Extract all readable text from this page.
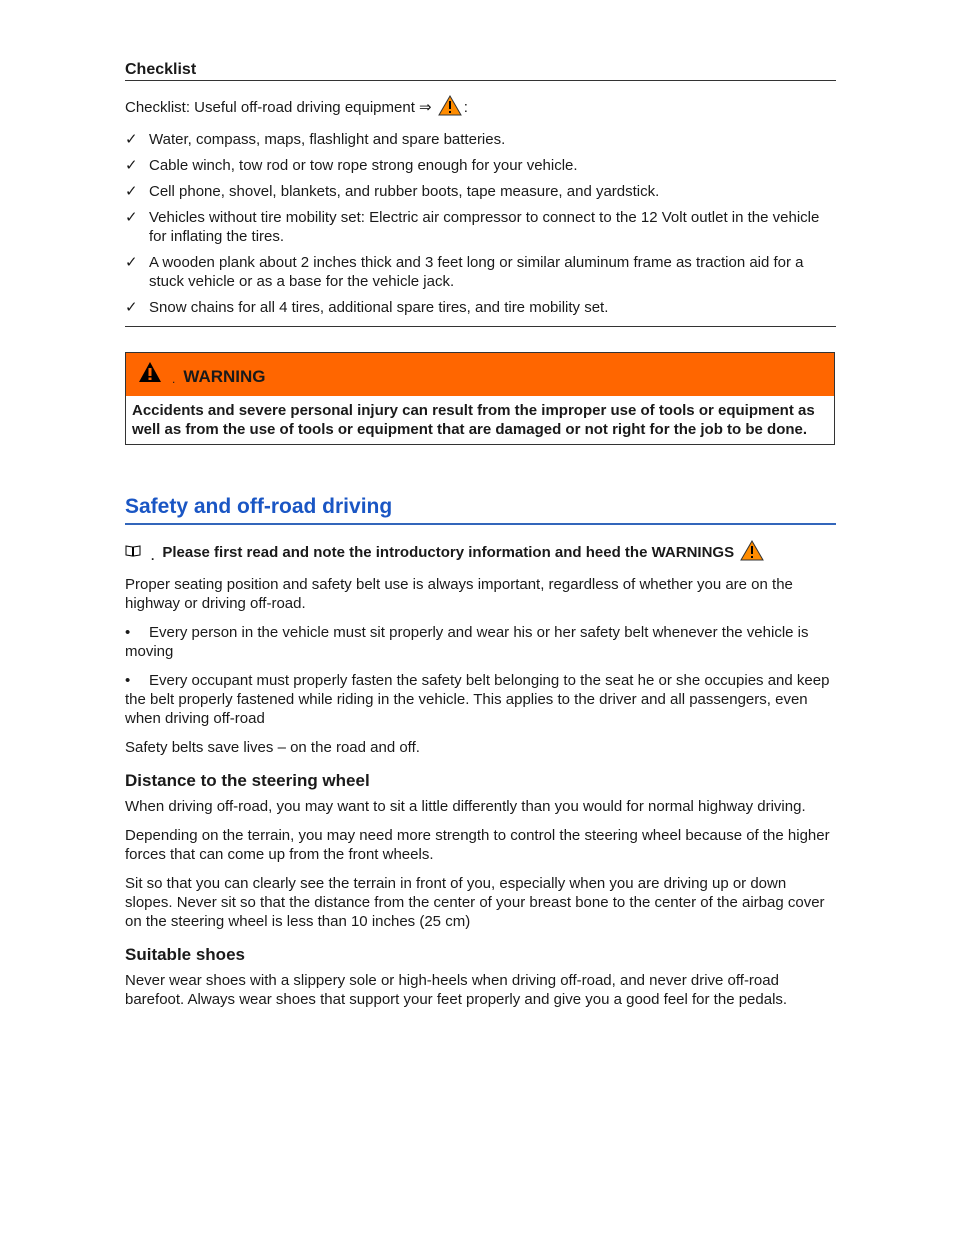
Checklist

Checklist: Useful off-road driving equipment ⇒ :

✓ Water, compass, maps, flashlight and spare batteries.
✓ Cable winch, tow rod or tow rope strong enough for your vehicle.
✓ Cell phone, shovel, blankets, and rubber boots, tape measure, and yardstick.
✓ Vehicles without tire mobility set: Electric air compressor to connect to the 12 Volt outlet in the vehicle for inflating the tires.
✓ A wooden plank about 2 inches thick and 3 feet long or similar aluminum frame as traction aid for a stuck vehicle or as a base for the vehicle jack.
✓ Snow chains for all 4 tires, additional spare tires, and tire mobility set.
. WARNING
Accidents and severe personal injury can result from the improper use of tools or equipment as well as from the use of tools or equipment that are damaged or not right for the job to be done.
Safety and off-road driving
. Please first read and note the introductory information and heed the WARNINGS

Proper seating position and safety belt use is always important, regardless of whether you are on the highway or driving off-road.

• Every person in the vehicle must sit properly and wear his or her safety belt whenever the vehicle is moving

• Every occupant must properly fasten the safety belt belonging to the seat he or she occupies and keep the belt properly fastened while riding in the vehicle. This applies to the driver and all passengers, even when driving off-road

Safety belts save lives – on the road and off.

Distance to the steering wheel

When driving off-road, you may want to sit a little differently than you would for normal highway driving.

Depending on the terrain, you may need more strength to control the steering wheel because of the higher forces that can come up from the front wheels.

Sit so that you can clearly see the terrain in front of you, especially when you are driving up or down slopes. Never sit so that the distance from the center of your breast bone to the center of the airbag cover on the steering wheel is less than 10 inches (25 cm)

Suitable shoes

Never wear shoes with a slippery sole or high-heels when driving off-road, and never drive off-road barefoot. Always wear shoes that support your feet properly and give you a good feel for the pedals.
